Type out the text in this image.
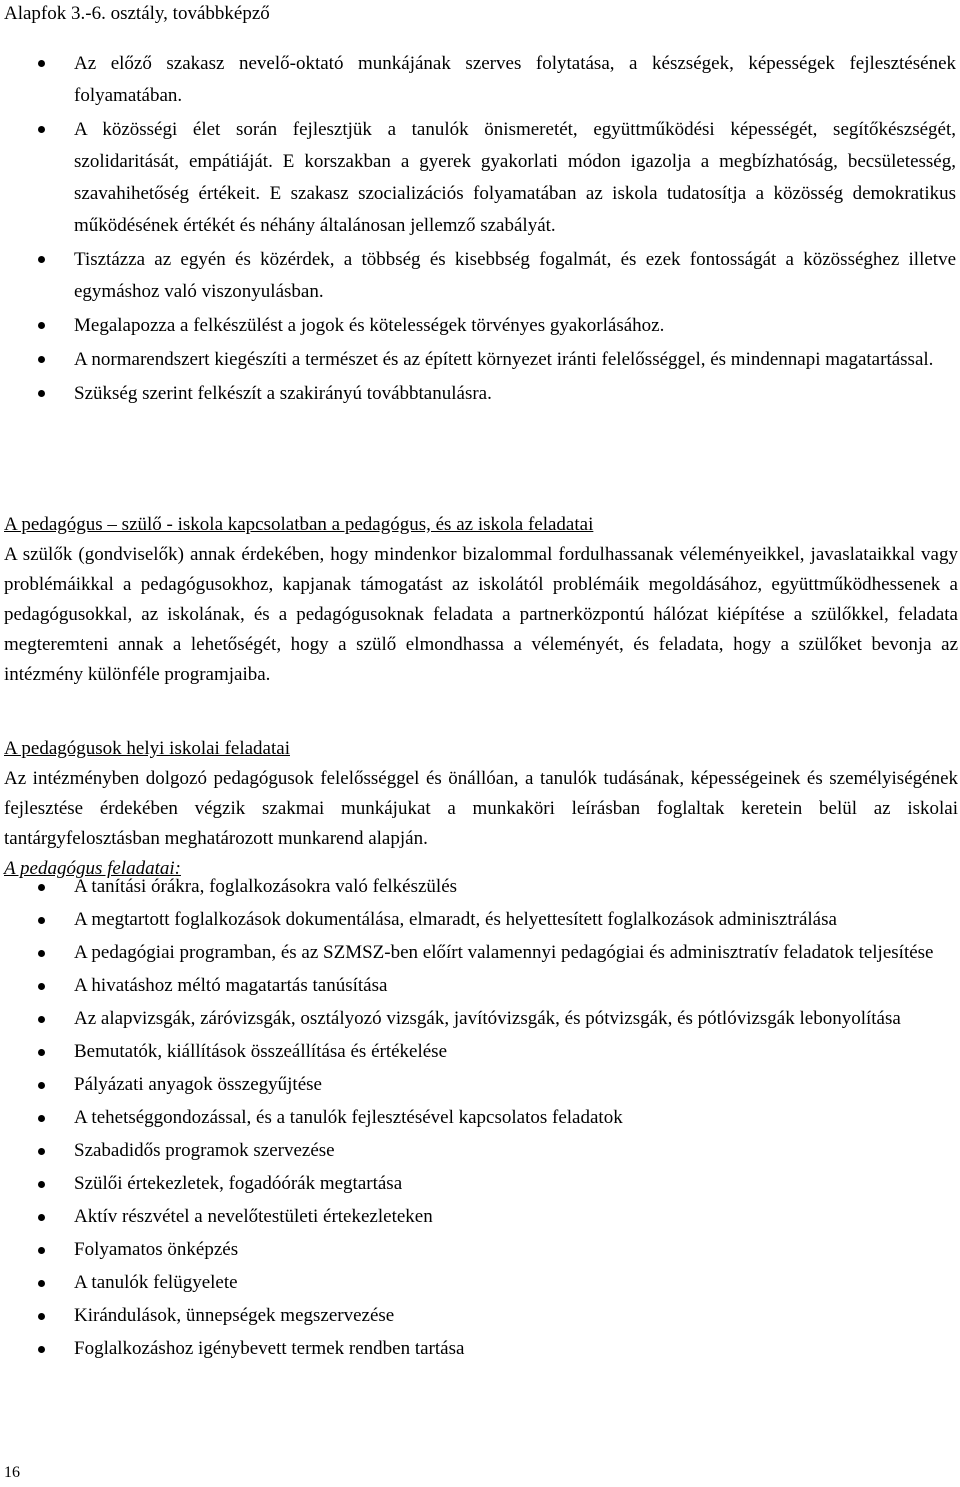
Alapfok 3.-6. osztály, továbbképző
Az előző szakasz nevelő-oktató munkájának szerves folytatása, a készségek, képességek fejlesztésének folyamatában.
A közösségi élet során fejlesztjük a tanulók önismeretét, együttműködési képességét, segítőkészségét, szolidaritását, empátiáját. E korszakban a gyerek gyakorlati módon igazolja a megbízhatóság, becsületesség, szavahihetőség értékeit. E szakasz szocializációs folyamatában az iskola tudatosítja a közösség demokratikus működésének értékét és néhány általánosan jellemző szabályát.
Tisztázza az egyén és közérdek, a többség és kisebbség fogalmát, és ezek fontosságát a közösséghez illetve egymáshoz való viszonyulásban.
Megalapozza a felkészülést a jogok és kötelességek törvényes gyakorlásához.
A normarendszert kiegészíti a természet és az épített környezet iránti felelősséggel, és mindennapi magatartással.
Szükség szerint felkészít a szakirányú továbbtanulásra.

A pedagógus – szülő - iskola kapcsolatban a pedagógus, és az iskola feladatai

A szülők (gondviselők) annak érdekében, hogy mindenkor bizalommal fordulhassanak véleményeikkel, javaslataikkal vagy problémáikkal a pedagógusokhoz, kapjanak támogatást az iskolától problémáik megoldásához, együttműködhessenek a pedagógusokkal, az iskolának, és a pedagógusoknak feladata a partnerközpontú hálózat kiépítése a szülőkkel, feladata megteremteni annak a lehetőségét, hogy a szülő elmondhassa a véleményét, és feladata, hogy a szülőket bevonja az intézmény különféle programjaiba.

A pedagógusok helyi iskolai feladatai

Az intézményben dolgozó pedagógusok felelősséggel és önállóan, a tanulók tudásának, képességeinek és személyiségének fejlesztése érdekében végzik szakmai munkájukat a munkaköri leírásban foglaltak keretein belül az iskolai tantárgyfelosztásban meghatározott munkarend alapján.

A pedagógus feladatai:

A tanítási órákra, foglalkozásokra való felkészülés
A megtartott foglalkozások dokumentálása, elmaradt, és helyettesített foglalkozások adminisztrálása
A pedagógiai programban, és az SZMSZ-ben előírt valamennyi pedagógiai és adminisztratív feladatok teljesítése
A hivatáshoz méltó magatartás tanúsítása
Az alapvizsgák, záróvizsgák, osztályozó vizsgák, javítóvizsgák, és pótvizsgák, és pótlóvizsgák lebonyolítása
Bemutatók, kiállítások összeállítása és értékelése
Pályázati anyagok összegyűjtése
A tehetséggondozással, és a tanulók fejlesztésével kapcsolatos feladatok
Szabadidős programok szervezése
Szülői értekezletek, fogadóórák megtartása
Aktív részvétel a nevelőtestületi értekezleteken
Folyamatos önképzés
A tanulók felügyelete
Kirándulások, ünnepségek megszervezése
Foglalkozáshoz igénybevett termek rendben tartása
16
